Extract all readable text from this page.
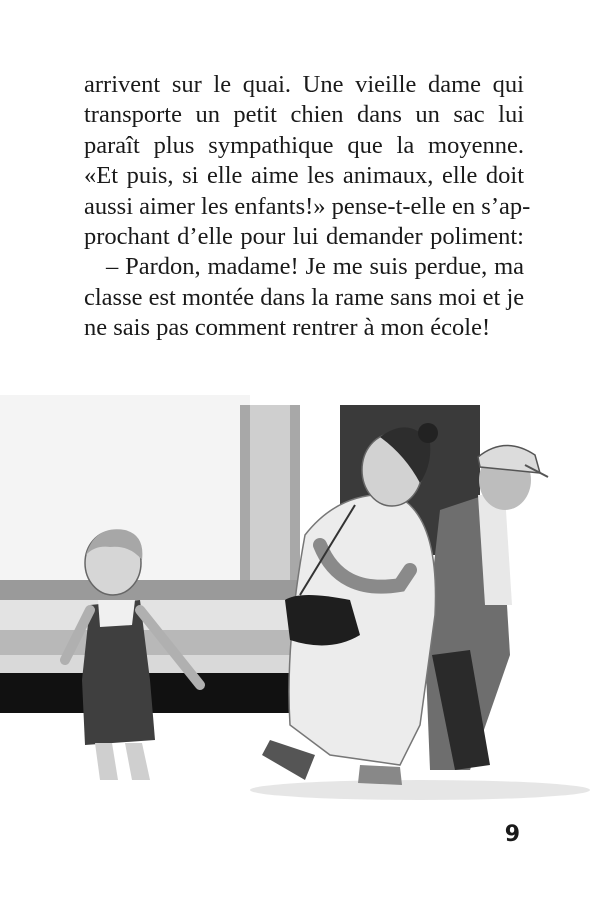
arrivent sur le quai. Une vieille dame qui
transporte un petit chien dans un sac lui
paraît plus sympathique que la moyenne.
«Et puis, si elle aime les animaux, elle doit
aussi aimer les enfants!» pense-t-elle en s’ap-
prochant d’elle pour lui demander poliment:
– Pardon, madame! Je me suis perdue, ma
classe est montée dans la rame sans moi et je
ne sais pas comment rentrer à mon école!
9
